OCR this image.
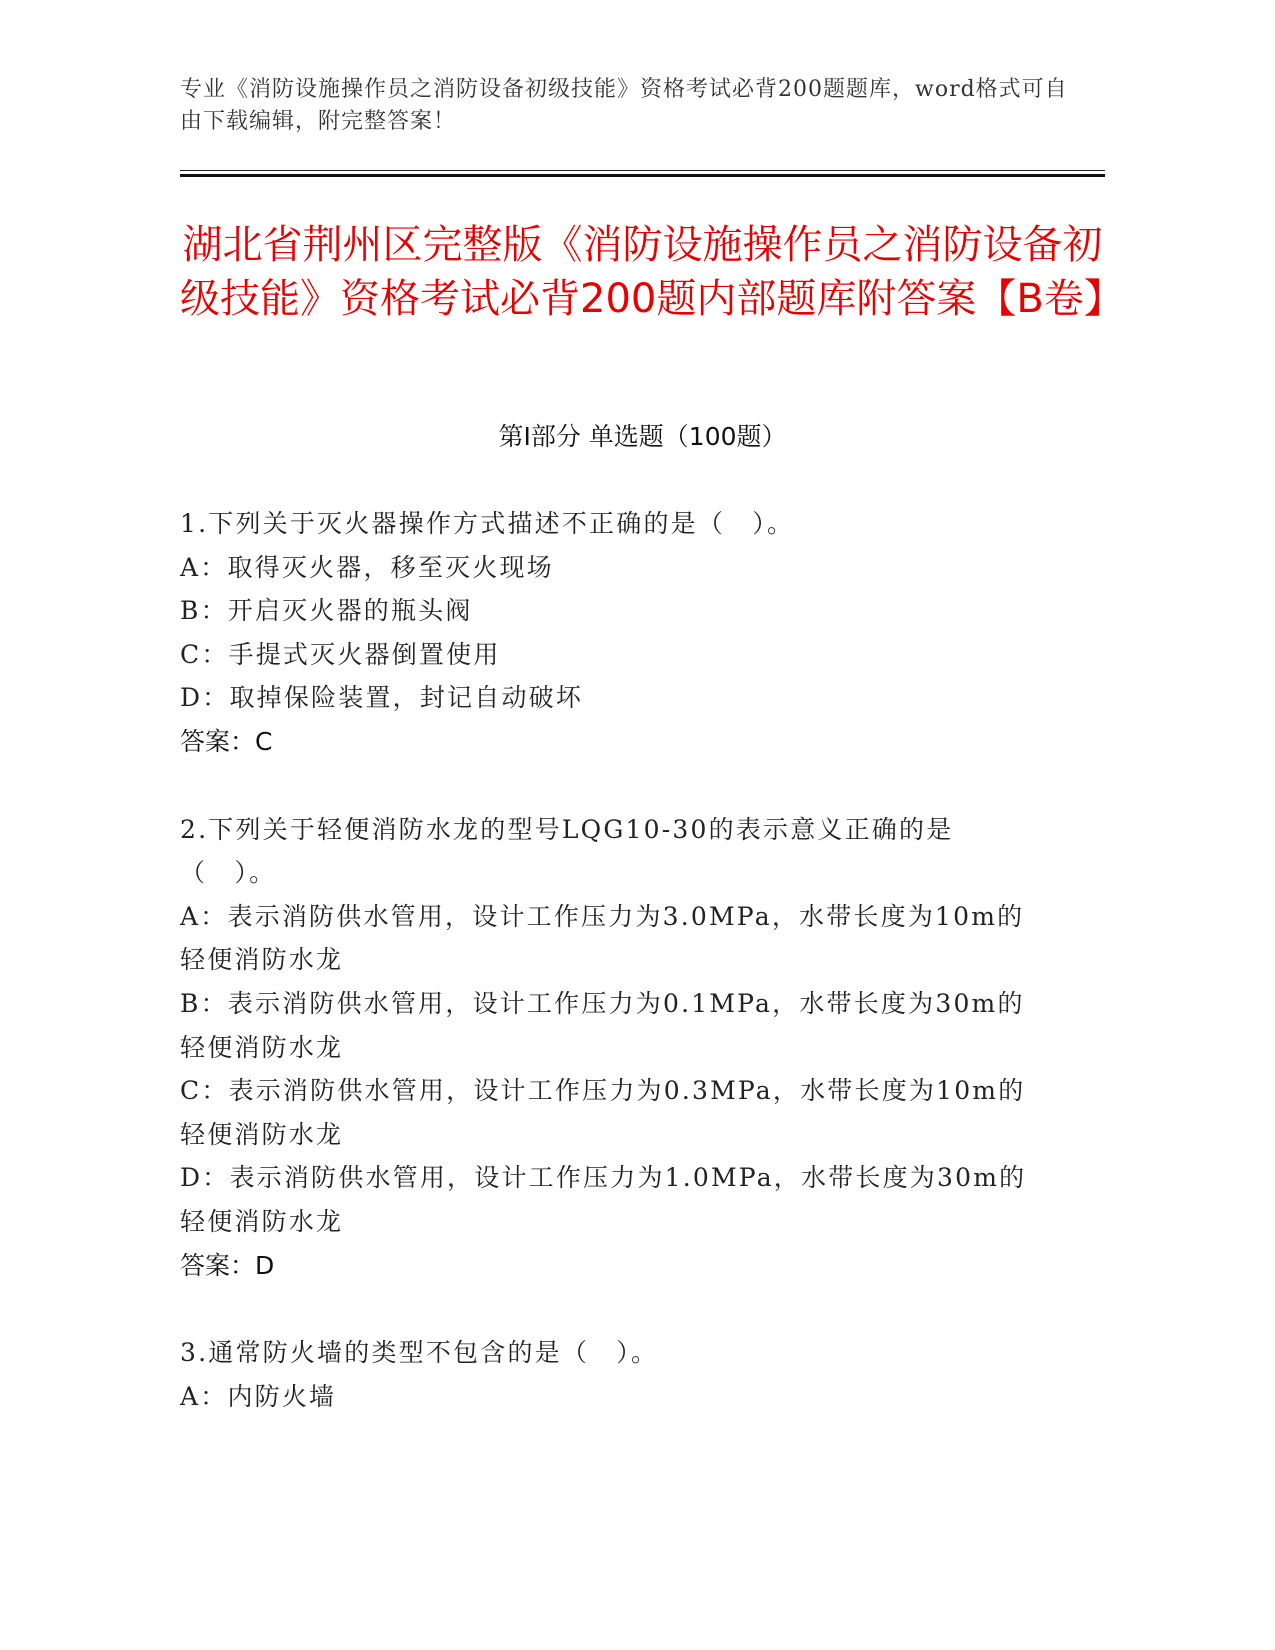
专业《消防设施操作员之消防设备初级技能》资格考试必背200题题库，word格式可自由下载编辑，附完整答案！
湖北省荆州区完整版《消防设施操作员之消防设备初级技能》资格考试必背200题内部题库附答案【B卷】
第Ⅰ部分 单选题（100题）
1.下列关于灭火器操作方式描述不正确的是（　）。
A：取得灭火器，移至灭火现场
B：开启灭火器的瓶头阀
C：手提式灭火器倒置使用
D：取掉保险装置，封记自动破坏
答案：C
2.下列关于轻便消防水龙的型号LQG10-30的表示意义正确的是（　）。
A：表示消防供水管用，设计工作压力为3.0MPa，水带长度为10m的轻便消防水龙
B：表示消防供水管用，设计工作压力为0.1MPa，水带长度为30m的轻便消防水龙
C：表示消防供水管用，设计工作压力为0.3MPa，水带长度为10m的轻便消防水龙
D：表示消防供水管用，设计工作压力为1.0MPa，水带长度为30m的轻便消防水龙
答案：D
3.通常防火墙的类型不包含的是（　）。
A：内防火墙
